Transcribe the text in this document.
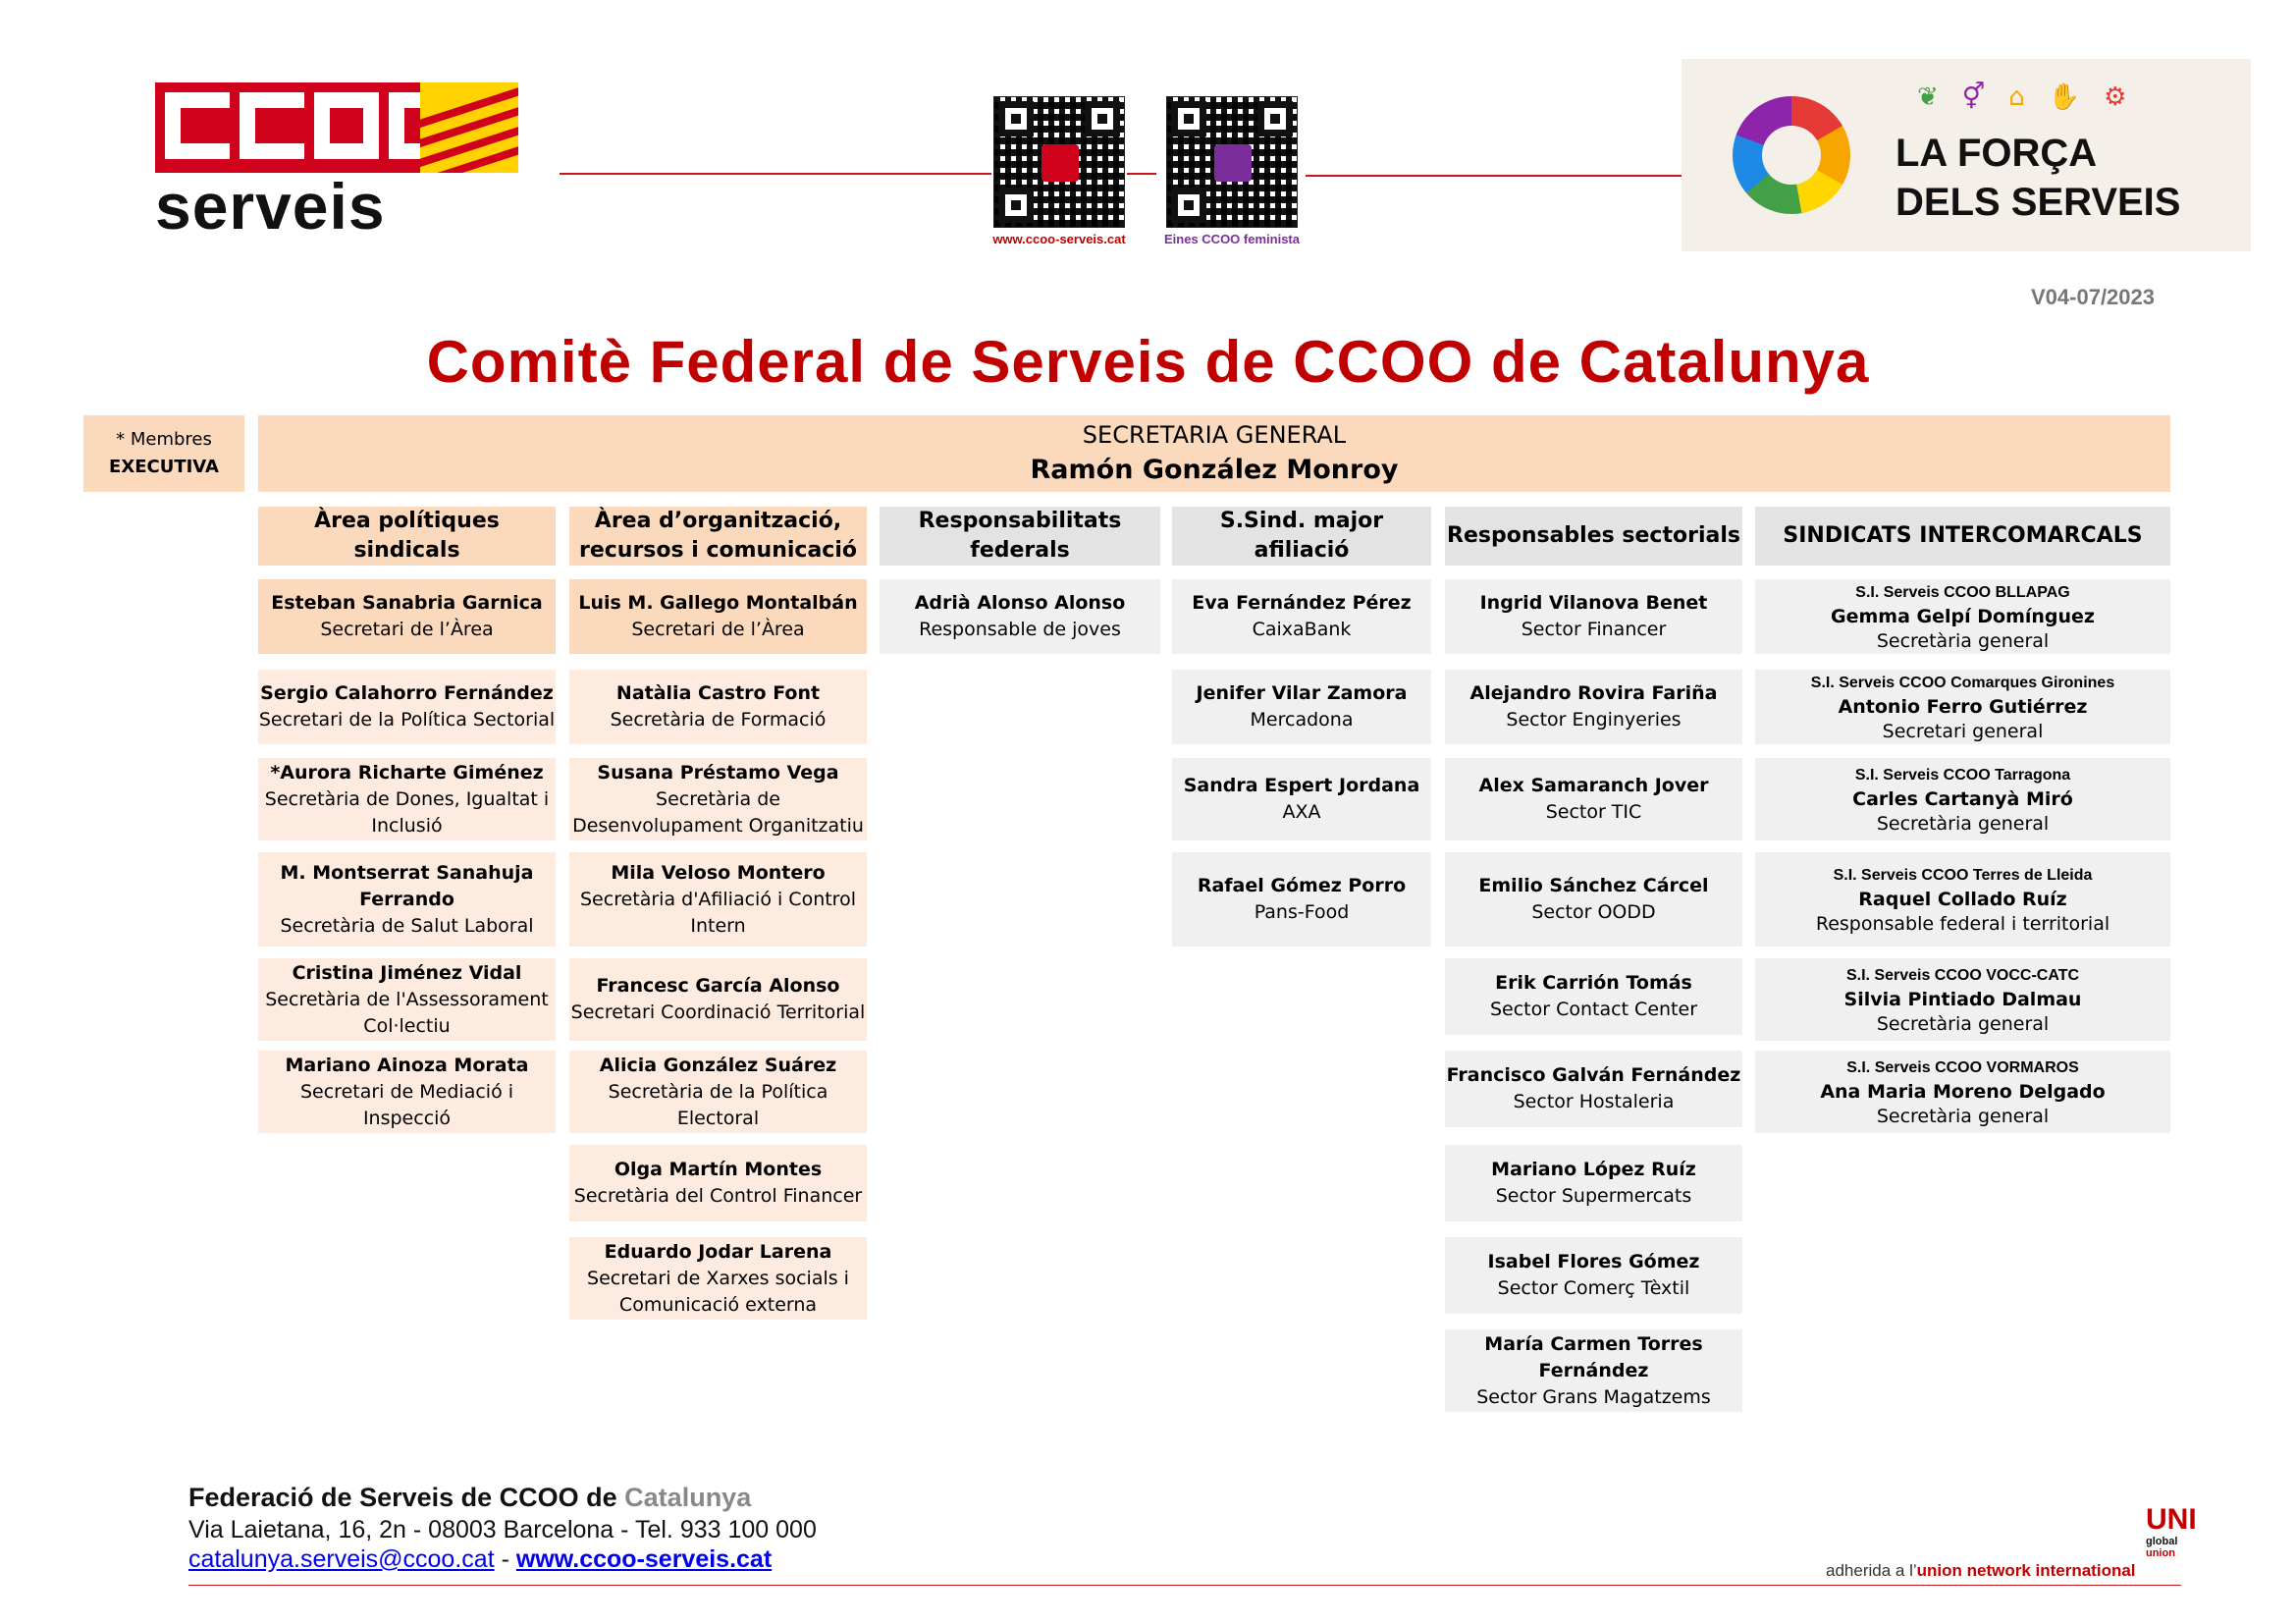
serveis	www.ccoo-serveis.cat	Eines CCOO feminista
❦ ⚥ ⌂ ✋ ⚙
LA FORÇA
DELS SERVEIS
V04-07/2023
Comitè Federal de Serveis de CCOO de Catalunya
* Membres
EXECUTIVA
SECRETARIA GENERAL
Ramón González Monroy
Àrea polítiques sindicals
Esteban Sanabria Garnica
Secretari de l’Àrea
Sergio Calahorro Fernández
Secretari de la Política Sectorial
*Aurora Richarte Giménez
Secretària de Dones, Igualtat i Inclusió
M. Montserrat Sanahuja Ferrando
Secretària de Salut Laboral
Cristina Jiménez Vidal
Secretària de l'Assessorament Col·lectiu
Mariano Ainoza Morata
Secretari de Mediació i Inspecció
Àrea d’organització, recursos i comunicació
Luis M. Gallego Montalbán
Secretari de l’Àrea
Natàlia Castro Font
Secretària de Formació
Susana Préstamo Vega
Secretària de Desenvolupament Organitzatiu
Mila Veloso Montero
Secretària d'Afiliació i Control Intern
Francesc García Alonso
Secretari Coordinació Territorial
Alicia González Suárez
Secretària de la Política Electoral
Olga Martín Montes
Secretària del Control Financer
Eduardo Jodar Larena
Secretari de Xarxes socials i Comunicació externa
Responsabilitats federals
Adrià Alonso Alonso
Responsable de joves
S.Sind. major afiliació
Eva Fernández Pérez
CaixaBank
Jenifer Vilar Zamora
Mercadona
Sandra Espert Jordana
AXA
Rafael Gómez Porro
Pans-Food
Responsables sectorials
Ingrid Vilanova Benet
Sector Financer
Alejandro Rovira Fariña
Sector Enginyeries
Alex Samaranch Jover
Sector TIC
Emilio Sánchez Cárcel
Sector OODD
Erik Carrión Tomás
Sector Contact Center
Francisco Galván Fernández
Sector Hostaleria
Mariano López Ruíz
Sector Supermercats
Isabel Flores Gómez
Sector Comerç Tèxtil
María Carmen Torres Fernández
Sector Grans Magatzems
SINDICATS INTERCOMARCALS
S.I. Serveis CCOO BLLAPAG
Gemma Gelpí Domínguez
Secretària general
S.I. Serveis CCOO Comarques Gironines
Antonio Ferro Gutiérrez
Secretari general
S.I. Serveis CCOO Tarragona
Carles Cartanyà Miró
Secretària general
S.I. Serveis CCOO Terres de Lleida
Raquel Collado Ruíz
Responsable federal i territorial
S.I. Serveis CCOO VOCC-CATC
Silvia Pintiado Dalmau
Secretària general
S.I. Serveis CCOO VORMAROS
Ana Maria Moreno Delgado
Secretària general
Federació de Serveis de CCOO de Catalunya
Via Laietana, 16, 2n - 08003 Barcelona - Tel. 933 100 000
catalunya.serveis@ccoo.cat - www.ccoo-serveis.cat	adherida a l’union network international
UNI
global
union
